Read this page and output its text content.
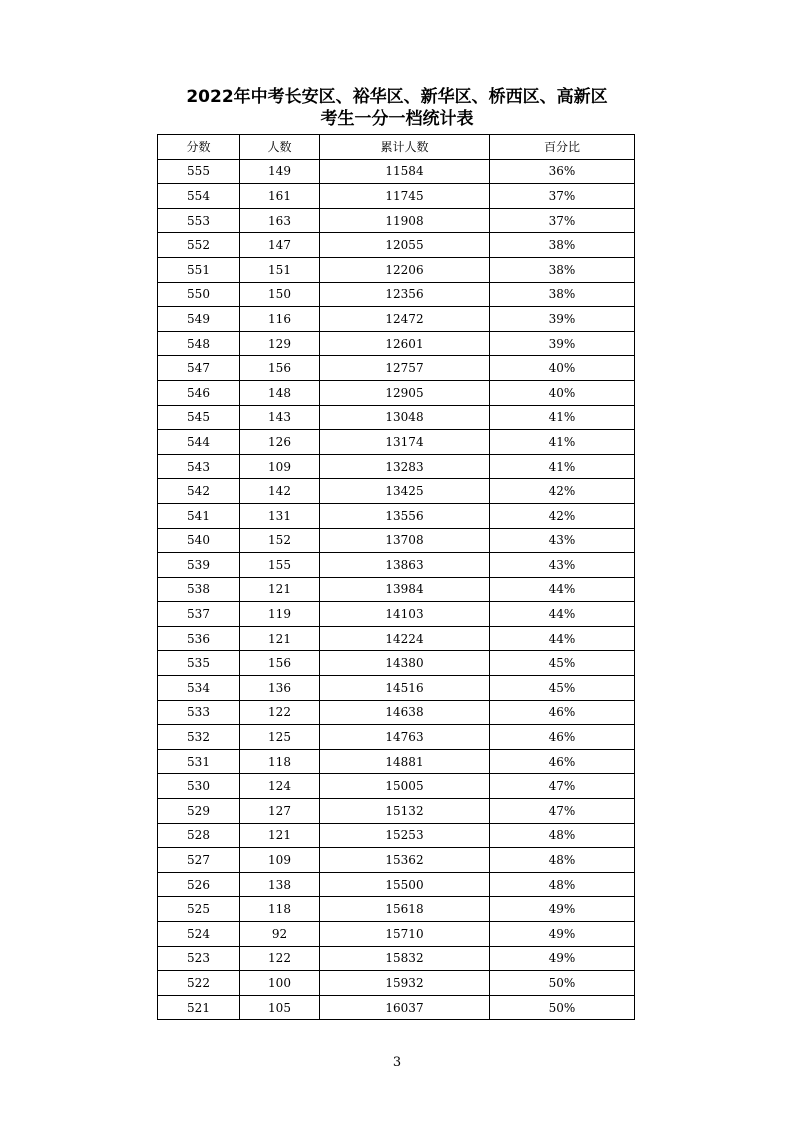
2022年中考长安区、裕华区、新华区、桥西区、高新区
考生一分一档统计表
分数	人数	累计人数	百分比
555	149	11584	36%
554	161	11745	37%
553	163	11908	37%
552	147	12055	38%
551	151	12206	38%
550	150	12356	38%
549	116	12472	39%
548	129	12601	39%
547	156	12757	40%
546	148	12905	40%
545	143	13048	41%
544	126	13174	41%
543	109	13283	41%
542	142	13425	42%
541	131	13556	42%
540	152	13708	43%
539	155	13863	43%
538	121	13984	44%
537	119	14103	44%
536	121	14224	44%
535	156	14380	45%
534	136	14516	45%
533	122	14638	46%
532	125	14763	46%
531	118	14881	46%
530	124	15005	47%
529	127	15132	47%
528	121	15253	48%
527	109	15362	48%
526	138	15500	48%
525	118	15618	49%
524	92	15710	49%
523	122	15832	49%
522	100	15932	50%
521	105	16037	50%
3
